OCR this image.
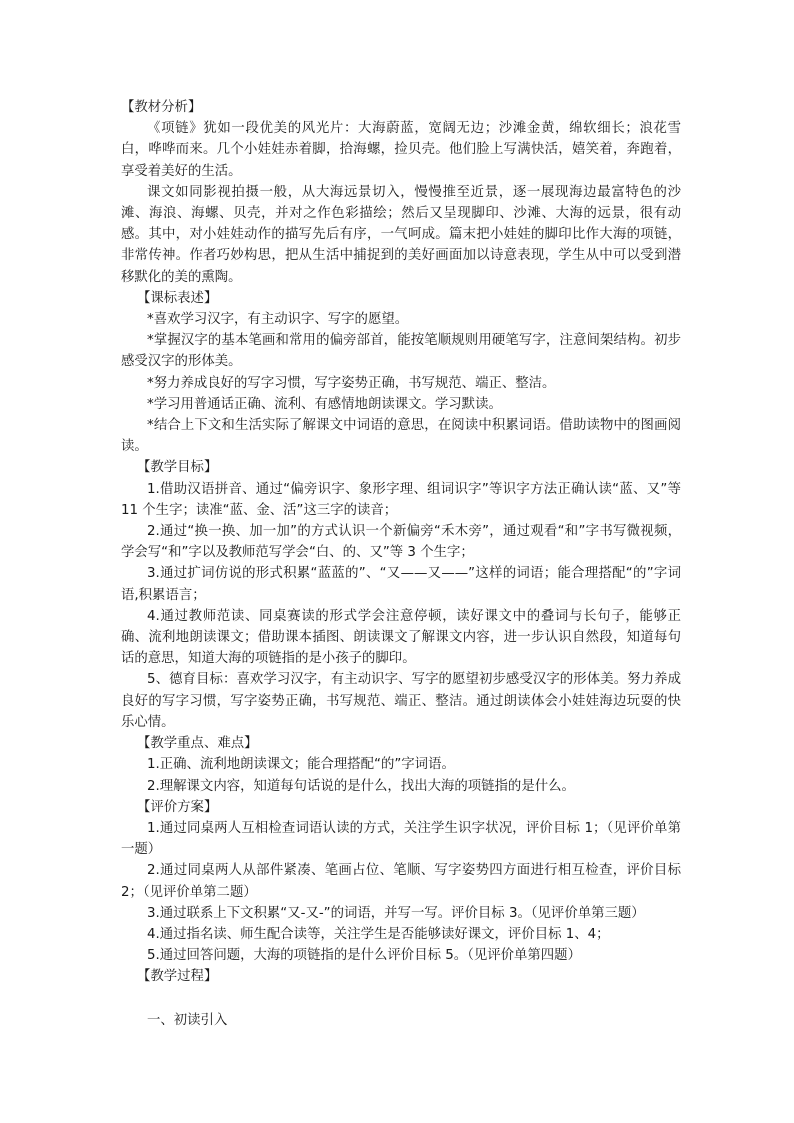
【教材分析】

《项链》犹如一段优美的风光片：大海蔚蓝，宽阔无边；沙滩金黄，绵软细长；浪花雪白，哗哗而来。几个小娃娃赤着脚，拾海螺，捡贝壳。他们脸上写满快活，嬉笑着，奔跑着，享受着美好的生活。

课文如同影视拍摄一般，从大海远景切入，慢慢推至近景，逐一展现海边最富特色的沙滩、海浪、海螺、贝壳，并对之作色彩描绘；然后又呈现脚印、沙滩、大海的远景，很有动感。其中，对小娃娃动作的描写先后有序，一气呵成。篇末把小娃娃的脚印比作大海的项链，非常传神。作者巧妙构思，把从生活中捕捉到的美好画面加以诗意表现，学生从中可以受到潜移默化的美的熏陶。

【课标表述】

*喜欢学习汉字，有主动识字、写字的愿望。

*掌握汉字的基本笔画和常用的偏旁部首，能按笔顺规则用硬笔写字，注意间架结构。初步感受汉字的形体美。

*努力养成良好的写字习惯，写字姿势正确，书写规范、端正、整洁。

*学习用普通话正确、流利、有感情地朗读课文。学习默读。

*结合上下文和生活实际了解课文中词语的意思，在阅读中积累词语。借助读物中的图画阅读。

【教学目标】

1.借助汉语拼音、通过“偏旁识字、象形字理、组词识字”等识字方法正确认读“蓝、又”等 11 个生字；读准“蓝、金、活”这三字的读音；

2.通过“换一换、加一加”的方式认识一个新偏旁“禾木旁”，通过观看“和”字书写微视频，学会写“和”字以及教师范写学会“白、的、又”等 3 个生字；

3.通过扩词仿说的形式积累“蓝蓝的”、“又——又——”这样的词语；能合理搭配“的”字词语,积累语言；

4.通过教师范读、同桌赛读的形式学会注意停顿，读好课文中的叠词与长句子，能够正确、流利地朗读课文；借助课本插图、朗读课文了解课文内容，进一步认识自然段，知道每句话的意思，知道大海的项链指的是小孩子的脚印。

5、德育目标：喜欢学习汉字，有主动识字、写字的愿望初步感受汉字的形体美。努力养成良好的写字习惯，写字姿势正确，书写规范、端正、整洁。通过朗读体会小娃娃海边玩耍的快乐心情。

【教学重点、难点】

1.正确、流利地朗读课文；能合理搭配“的”字词语。

2.理解课文内容，知道每句话说的是什么，找出大海的项链指的是什么。

【评价方案】

1.通过同桌两人互相检查词语认读的方式，关注学生识字状况，评价目标 1；（见评价单第一题）

2.通过同桌两人从部件紧凑、笔画占位、笔顺、写字姿势四方面进行相互检查，评价目标 2；（见评价单第二题）

3.通过联系上下文积累“又-又-”的词语，并写一写。评价目标 3。（见评价单第三题）

4.通过指名读、师生配合读等，关注学生是否能够读好课文，评价目标 1、4；

5.通过回答问题，大海的项链指的是什么评价目标 5。（见评价单第四题）

【教学过程】

一、初读引入
